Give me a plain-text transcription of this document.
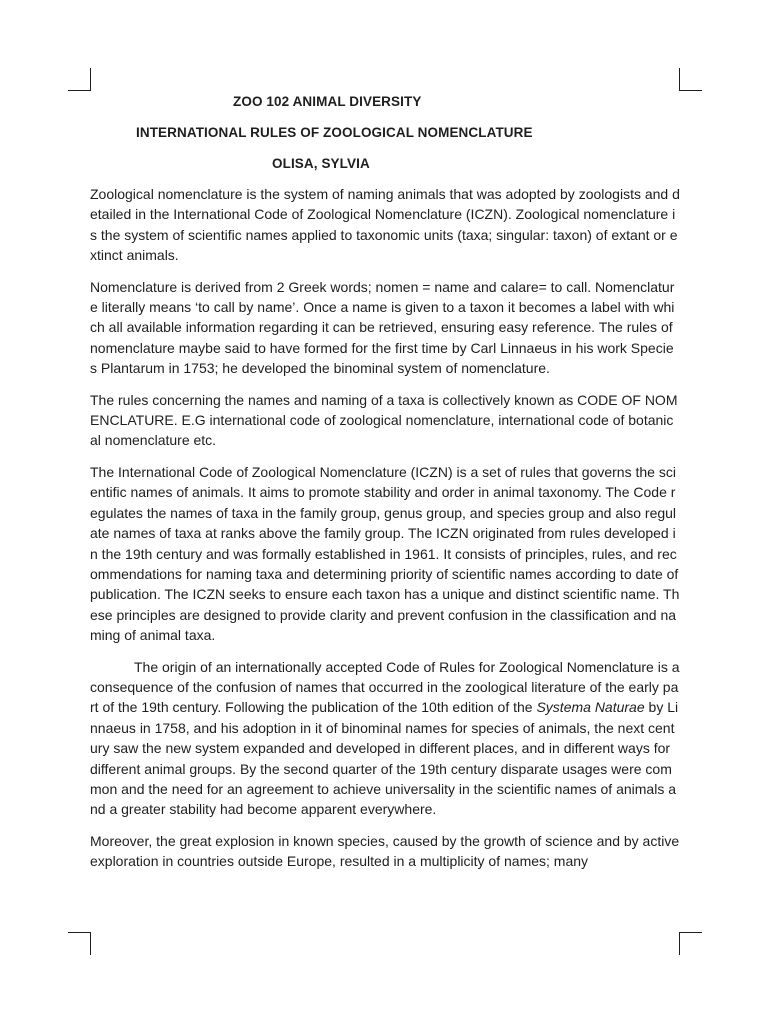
ZOO 102 ANIMAL DIVERSITY
INTERNATIONAL RULES OF ZOOLOGICAL NOMENCLATURE
OLISA, SYLVIA

Zoological nomenclature is the system of naming animals that was adopted by zoologists and detailed in the International Code of Zoological Nomenclature (ICZN). Zoological nomenclature is the system of scientific names applied to taxonomic units (taxa; singular: taxon) of extant or extinct animals.

Nomenclature is derived from 2 Greek words; nomen = name and calare= to call. Nomenclature literally means ‘to call by name’. Once a name is given to a taxon it becomes a label with which all available information regarding it can be retrieved, ensuring easy reference. The rules of nomenclature maybe said to have formed for the first time by Carl Linnaeus in his work Species Plantarum in 1753; he developed the binominal system of nomenclature.

The rules concerning the names and naming of a taxa is collectively known as CODE OF NOMENCLATURE. E.G international code of zoological nomenclature, international code of botanical nomenclature etc.

The International Code of Zoological Nomenclature (ICZN) is a set of rules that governs the scientific names of animals. It aims to promote stability and order in animal taxonomy. The Code regulates the names of taxa in the family group, genus group, and species group and also regulate names of taxa at ranks above the family group. The ICZN originated from rules developed in the 19th century and was formally established in 1961. It consists of principles, rules, and recommendations for naming taxa and determining priority of scientific names according to date of publication. The ICZN seeks to ensure each taxon has a unique and distinct scientific name. These principles are designed to provide clarity and prevent confusion in the classification and naming of animal taxa.

The origin of an internationally accepted Code of Rules for Zoological Nomenclature is a consequence of the confusion of names that occurred in the zoological literature of the early part of the 19th century. Following the publication of the 10th edition of the Systema Naturae by Linnaeus in 1758, and his adoption in it of binominal names for species of animals, the next century saw the new system expanded and developed in different places, and in different ways for different animal groups. By the second quarter of the 19th century disparate usages were common and the need for an agreement to achieve universality in the scientific names of animals and a greater stability had become apparent everywhere.

Moreover, the great explosion in known species, caused by the growth of science and by active exploration in countries outside Europe, resulted in a multiplicity of names; many
